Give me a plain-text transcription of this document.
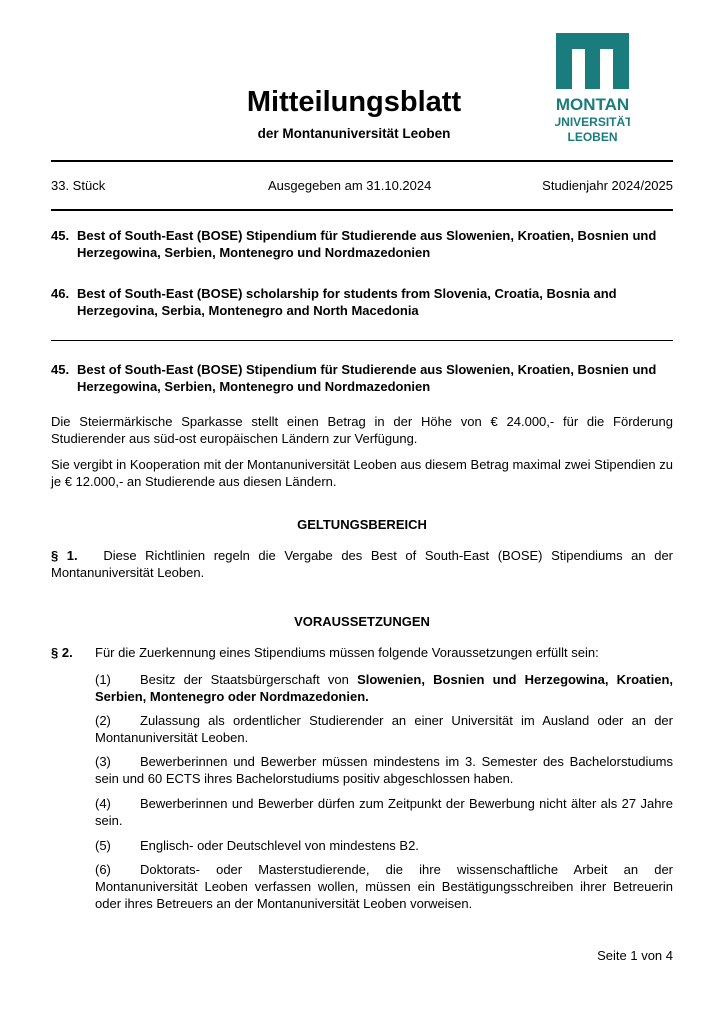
Mitteilungsblatt
der Montanuniversität Leoben
MONTAN
UNIVERSITÄT
LEOBEN
33. Stück	Ausgegeben am 31.10.2024	Studienjahr 2024/2025
45. Best of South-East (BOSE) Stipendium für Studierende aus Slowenien, Kroatien, Bosnien und Herzegowina, Serbien, Montenegro und Nordmazedonien
46. Best of South-East (BOSE) scholarship for students from Slovenia, Croatia, Bosnia and Herzegovina, Serbia, Montenegro and North Macedonia
45. Best of South-East (BOSE) Stipendium für Studierende aus Slowenien, Kroatien, Bosnien und Herzegowina, Serbien, Montenegro und Nordmazedonien
Die Steiermärkische Sparkasse stellt einen Betrag in der Höhe von € 24.000,- für die Förderung Studierender aus süd-ost europäischen Ländern zur Verfügung.
Sie vergibt in Kooperation mit der Montanuniversität Leoben aus diesem Betrag maximal zwei Stipendien zu je € 12.000,- an Studierende aus diesen Ländern.
GELTUNGSBEREICH
§ 1. Diese Richtlinien regeln die Vergabe des Best of South-East (BOSE) Stipendiums an der Montanuniversität Leoben.
VORAUSSETZUNGEN
§ 2. Für die Zuerkennung eines Stipendiums müssen folgende Voraussetzungen erfüllt sein:
(1) Besitz der Staatsbürgerschaft von Slowenien, Bosnien und Herzegowina, Kroatien, Serbien, Montenegro oder Nordmazedonien.
(2) Zulassung als ordentlicher Studierender an einer Universität im Ausland oder an der Montanuniversität Leoben.
(3) Bewerberinnen und Bewerber müssen mindestens im 3. Semester des Bachelorstudiums sein und 60 ECTS ihres Bachelorstudiums positiv abgeschlossen haben.
(4) Bewerberinnen und Bewerber dürfen zum Zeitpunkt der Bewerbung nicht älter als 27 Jahre sein.
(5) Englisch- oder Deutschlevel von mindestens B2.
(6) Doktorats- oder Masterstudierende, die ihre wissenschaftliche Arbeit an der Montanuniversität Leoben verfassen wollen, müssen ein Bestätigungsschreiben ihrer Betreuerin oder ihres Betreuers an der Montanuniversität Leoben vorweisen.
Seite 1 von 4
